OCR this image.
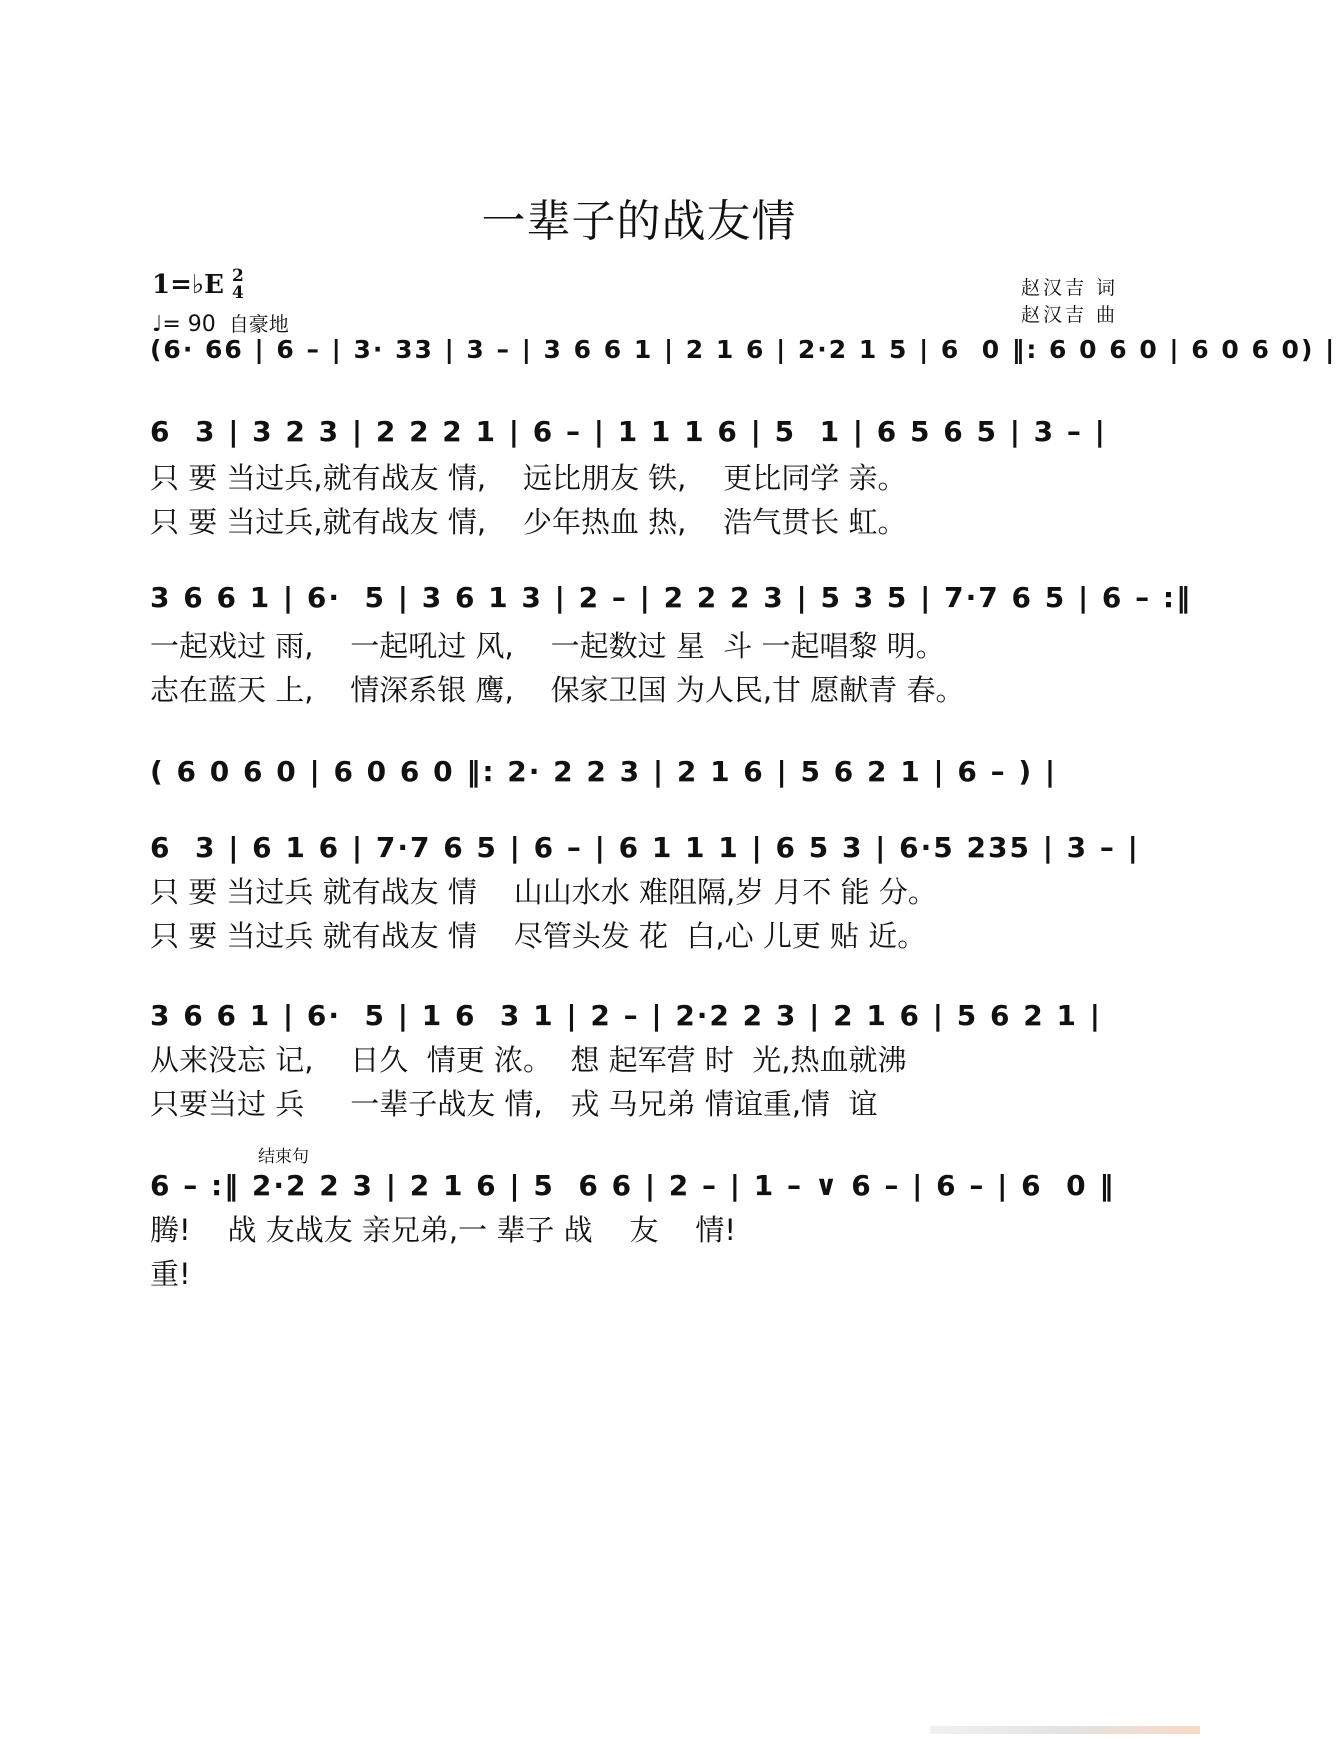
一辈子的战友情
1=♭E 2
4
♩= 90 自豪地
赵汉吉 词
赵汉吉 曲
(6· 66 | 6 – | 3· 33 | 3 – | 3 6 6 1 | 2 1 6 | 2·2 1 5 | 6  0 ‖: 6 0 6 0 | 6 0 6 0) |
6  3 | 3 2 3 | 2 2 2 1 | 6 – | 1 1 1 6 | 5  1 | 6 5 6 5 | 3 – |
只 要 当过兵,就有战友 情,    远比朋友 铁,    更比同学 亲。
只 要 当过兵,就有战友 情,    少年热血 热,    浩气贯长 虹。
3 6 6 1 | 6·  5 | 3 6 1 3 | 2 – | 2 2 2 3 | 5 3 5 | 7·7 6 5 | 6 – :‖
一起戏过 雨,    一起吼过 风,    一起数过 星  斗 一起唱黎 明。
志在蓝天 上,    情深系银 鹰,    保家卫国 为人民,甘 愿献青 春。
( 6 0 6 0 | 6 0 6 0 ‖: 2· 2 2 3 | 2 1 6 | 5 6 2 1 | 6 – ) |
6  3 | 6 1 6 | 7·7 6 5 | 6 – | 6 1 1 1 | 6 5 3 | 6·5 235 | 3 – |
只 要 当过兵 就有战友 情    山山水水 难阻隔,岁 月不 能 分。
只 要 当过兵 就有战友 情    尽管头发 花  白,心 儿更 贴 近。
3 6 6 1 | 6·  5 | 1 6  3 1 | 2 – | 2·2 2 3 | 2 1 6 | 5 6 2 1 |
从来没忘 记,    日久  情更 浓。  想 起军营 时  光,热血就沸
只要当过 兵     一辈子战友 情,   戎 马兄弟 情谊重,情  谊
结束句
6 – :‖ 2·2 2 3 | 2 1 6 | 5  6 6 | 2 – | 1 – ∨ 6 – | 6 – | 6  0 ‖
腾!    战 友战友 亲兄弟,一 辈子 战    友    情!
重!
